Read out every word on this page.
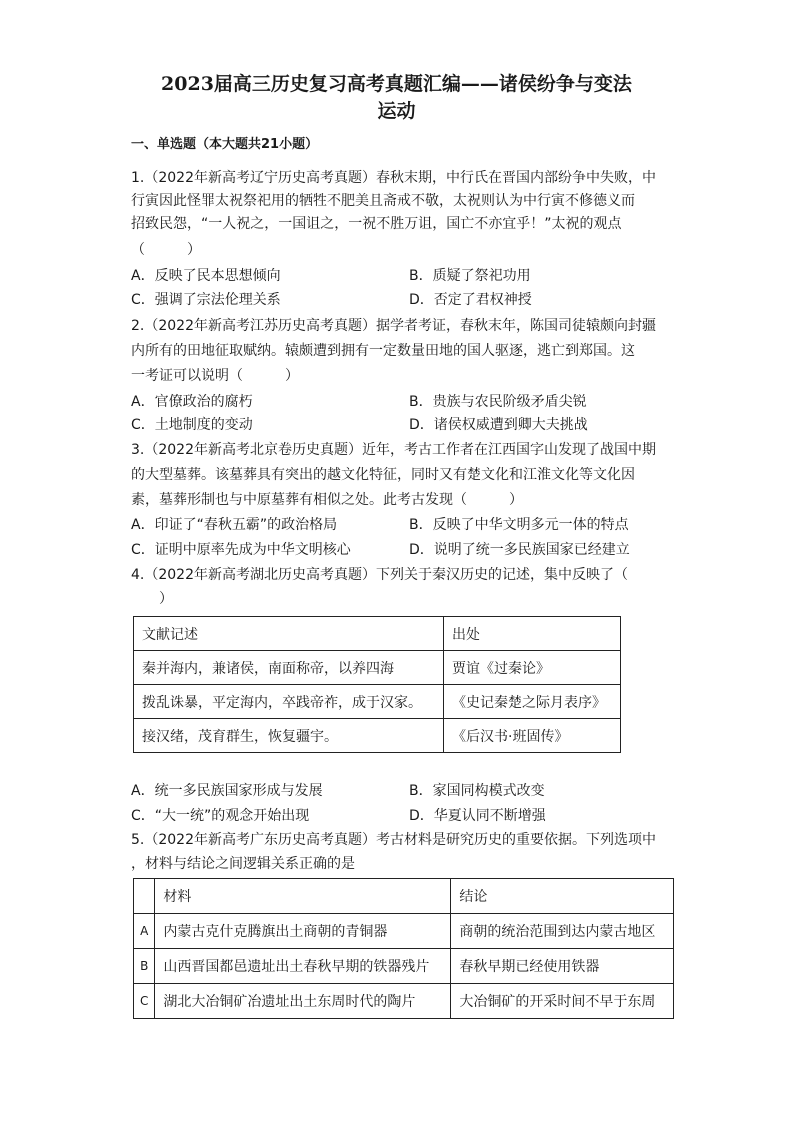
2023届高三历史复习高考真题汇编——诸侯纷争与变法
运动
一、单选题（本大题共21小题）
1.（2022年新高考辽宁历史高考真题）春秋末期，中行氏在晋国内部纷争中失败，中
行寅因此怪罪太祝祭祀用的牺牲不肥美且斋戒不敬，太祝则认为中行寅不修德义而
招致民怨，“一人祝之，一国诅之，一祝不胜万诅，国亡不亦宜乎！”太祝的观点
（　　　）
A．反映了民本思想倾向	B．质疑了祭祀功用
C．强调了宗法伦理关系	D．否定了君权神授
2.（2022年新高考江苏历史高考真题）据学者考证，春秋末年，陈国司徒辕颇向封疆
内所有的田地征取赋纳。辕颇遭到拥有一定数量田地的国人驱逐，逃亡到郑国。这
一考证可以说明（　　　）
A．官僚政治的腐朽	B．贵族与农民阶级矛盾尖锐
C．土地制度的变动	D．诸侯权威遭到卿大夫挑战
3.（2022年新高考北京卷历史真题）近年，考古工作者在江西国字山发现了战国中期
的大型墓葬。该墓葬具有突出的越文化特征，同时又有楚文化和江淮文化等文化因
素，墓葬形制也与中原墓葬有相似之处。此考古发现（　　　）
A．印证了“春秋五霸”的政治格局	B．反映了中华文明多元一体的特点
C．证明中原率先成为中华文明核心	D．说明了统一多民族国家已经建立
4.（2022年新高考湖北历史高考真题）下列关于秦汉历史的记述，集中反映了（
　　）
文献记述	出处
秦并海内，兼诸侯，南面称帝，以养四海	贾谊《过秦论》
拨乱诛暴，平定海内，卒践帝祚，成于汉家。	《史记秦楚之际月表序》
接汉绪，茂育群生，恢复疆宇。	《后汉书·班固传》
A．统一多民族国家形成与发展	B．家国同构模式改变
C．“大一统”的观念开始出现	D．华夏认同不断增强
5.（2022年新高考广东历史高考真题）考古材料是研究历史的重要依据。下列选项中
，材料与结论之间逻辑关系正确的是
	材料	结论
A	内蒙古克什克腾旗出土商朝的青铜器	商朝的统治范围到达内蒙古地区
B	山西晋国都邑遗址出土春秋早期的铁器残片	春秋早期已经使用铁器
C	湖北大冶铜矿冶遗址出土东周时代的陶片	大冶铜矿的开采时间不早于东周
